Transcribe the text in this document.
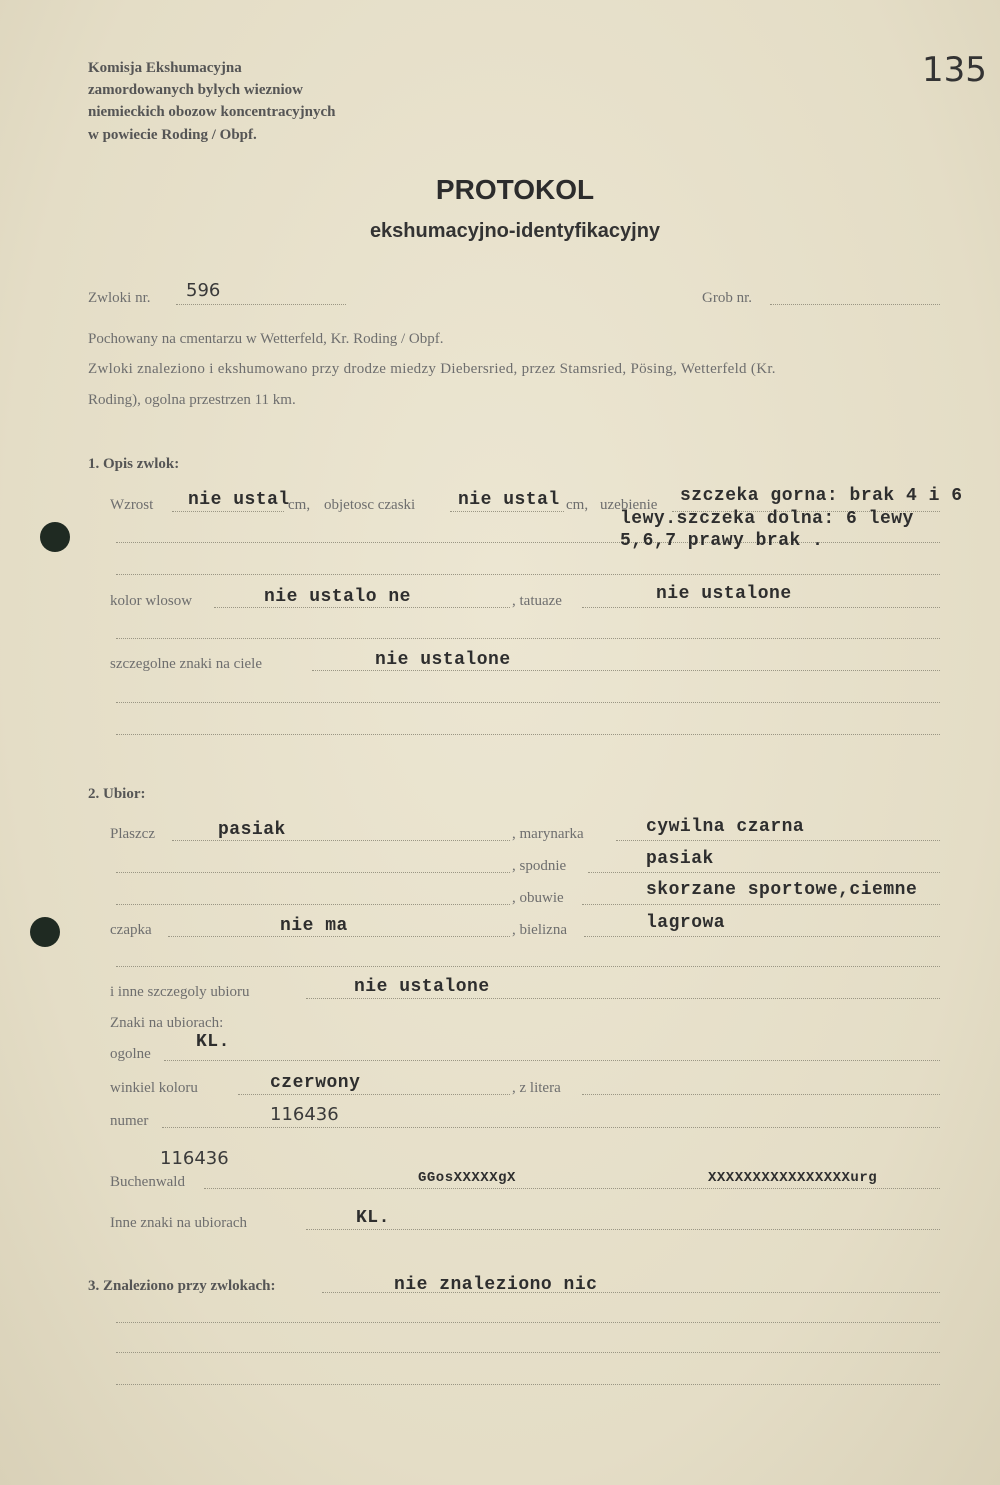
135
Komisja Ekshumacyjna
zamordowanych bylych wiezniow
niemieckich obozow koncentracyjnych
w powiecie Roding / Obpf.
PROTOKOL
ekshumacyjno-identyfikacyjny
Zwloki nr. 596	Grob nr.
Pochowany na cmentarzu w Wetterfeld, Kr. Roding / Obpf.
Zwloki znaleziono i ekshumowano przy drodze miedzy Diebersried, przez Stamsried, Pösing, Wetterfeld (Kr.
Roding), ogolna przestrzen 11 km.
1. Opis zwlok:
Wzrost nie ustal
cm, objetosc czaski nie ustal cm, uzebienie szczeka gorna: brak 4 i 6
lewy.szczeka dolna: 6 lewy
5,6,7 prawy brak .
kolor wlosow	nie ustalo ne	, tatuaze	nie ustalone
szczegolne znaki na ciele	nie ustalone
2. Ubior:
Plaszcz	pasiak	, marynarka	cywilna czarna
, spodnie	pasiak
, obuwie	skorzane sportowe,ciemne
czapka	nie ma	, bielizna	lagrowa
i inne szczegoly ubioru	nie ustalone
Znaki na ubiorach:
ogolne
KL.
winkiel koloru	czerwony	, z litera
numer	116436
116436
Buchenwald	GGosXXXXXgX	XXXXXXXXXXXXXXXXurg
Inne znaki na ubiorach	KL.
3. Znaleziono przy zwlokach:	nie znaleziono nic
